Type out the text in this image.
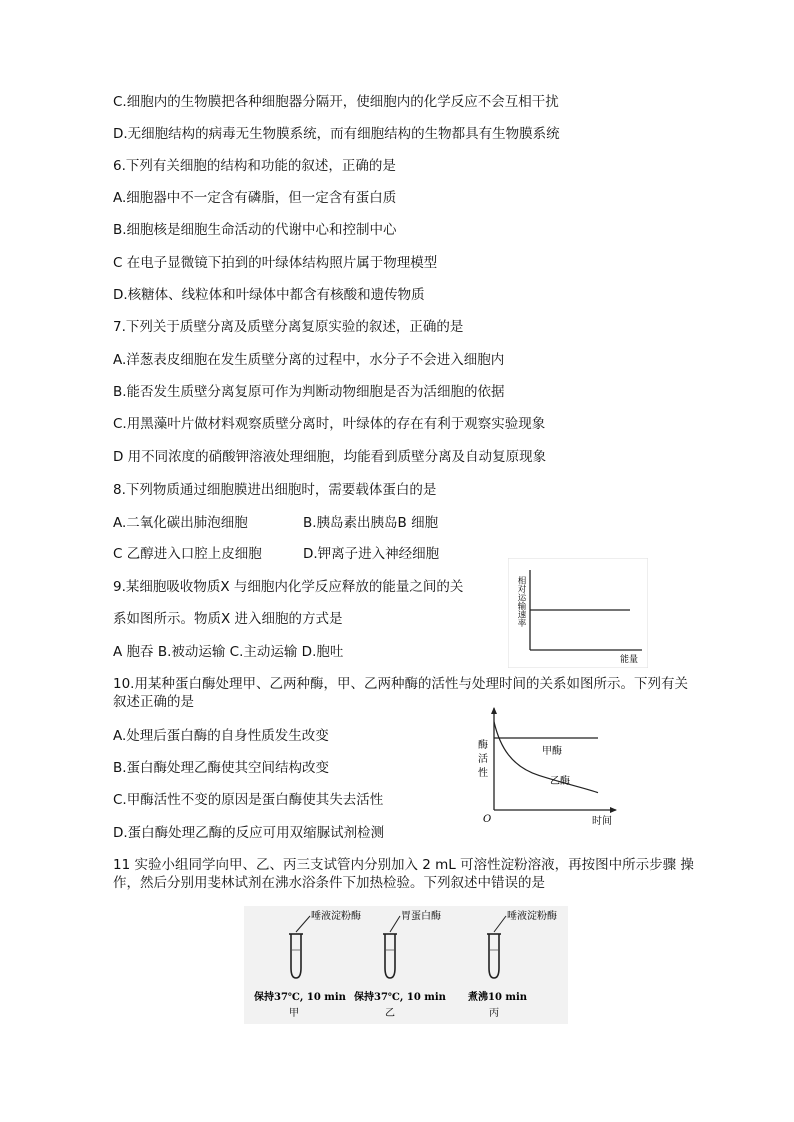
C.细胞内的生物膜把各种细胞器分隔开，使细胞内的化学反应不会互相干扰
D.无细胞结构的病毒无生物膜系统，而有细胞结构的生物都具有生物膜系统
6.下列有关细胞的结构和功能的叙述，正确的是
A.细胞器中不一定含有磷脂，但一定含有蛋白质
B.细胞核是细胞生命活动的代谢中心和控制中心
C 在电子显微镜下拍到的叶绿体结构照片属于物理模型
D.核糖体、线粒体和叶绿体中都含有核酸和遗传物质
7.下列关于质壁分离及质壁分离复原实验的叙述，正确的是
A.洋葱表皮细胞在发生质壁分离的过程中，水分子不会进入细胞内
B.能否发生质壁分离复原可作为判断动物细胞是否为活细胞的依据
C.用黑藻叶片做材料观察质壁分离时，叶绿体的存在有利于观察实验现象
D 用不同浓度的硝酸钾溶液处理细胞，均能看到质壁分离及自动复原现象
8.下列物质通过细胞膜进出细胞时，需要载体蛋白的是
A.二氧化碳出肺泡细胞	B.胰岛素出胰岛B 细胞
C 乙醇进入口腔上皮细胞	D.钾离子进入神经细胞
9.某细胞吸收物质X 与细胞内化学反应释放的能量之间的关
系如图所示。物质X 进入细胞的方式是
A 胞吞 B.被动运输 C.主动运输 D.胞吐
相对运输速率
能量
10.用某种蛋白酶处理甲、乙两种酶，甲、乙两种酶的活性与处理时间的关系如图所示。下列有关叙述正确的是
A.处理后蛋白酶的自身性质发生改变
B.蛋白酶处理乙酶使其空间结构改变
C.甲酶活性不变的原因是蛋白酶使其失去活性
D.蛋白酶处理乙酶的反应可用双缩脲试剂检测
酶
活
性
甲酶
乙酶
O	时间
11 实验小组同学向甲、乙、丙三支试管内分别加入 2 mL 可溶性淀粉溶液，再按图中所示步骤 操作，然后分别用斐林试剂在沸水浴条件下加热检验。下列叙述中错误的是
唾液淀粉酶
保持37℃, 10 min
甲
胃蛋白酶
保持37℃, 10 min
乙
唾液淀粉酶
煮沸10 min
丙
